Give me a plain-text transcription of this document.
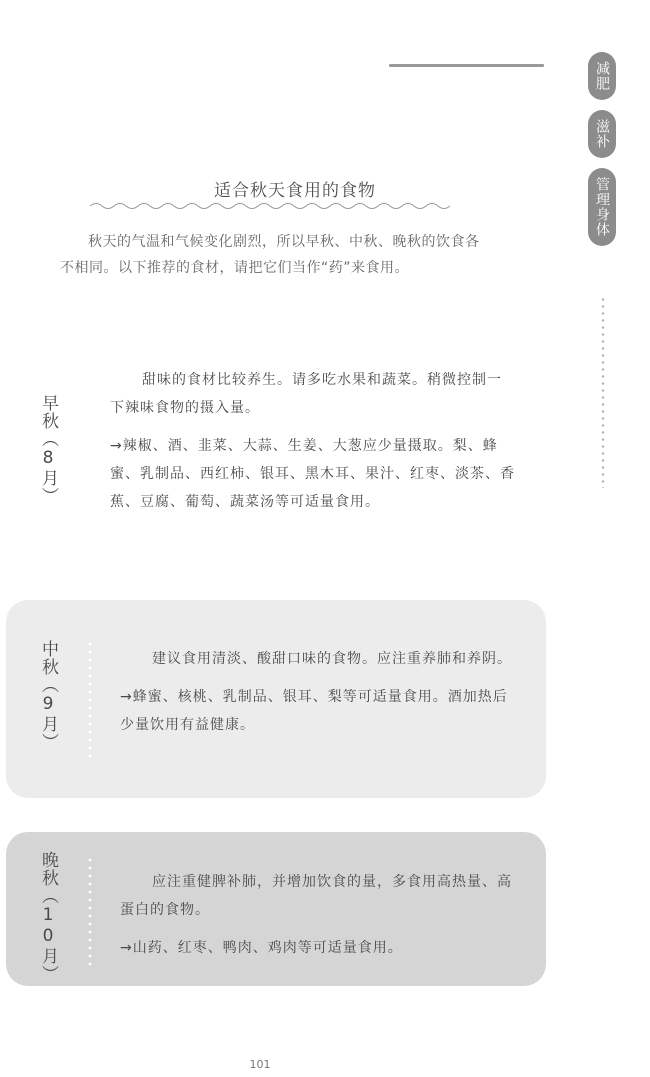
减肥
滋补
管理身体
适合秋天食用的食物

秋天的气温和气候变化剧烈，所以早秋、中秋、晚秋的饮食各不相同。以下推荐的食材，请把它们当作“药”来食用。

早秋（8月）

甜味的食材比较养生。请多吃水果和蔬菜。稍微控制一下辣味食物的摄入量。

→辣椒、酒、韭菜、大蒜、生姜、大葱应少量摄取。梨、蜂蜜、乳制品、西红柿、银耳、黑木耳、果汁、红枣、淡茶、香蕉、豆腐、葡萄、蔬菜汤等可适量食用。

中秋（9月）	建议食用清淡、酸甜口味的食物。应注重养肺和养阴。

→蜂蜜、核桃、乳制品、银耳、梨等可适量食用。酒加热后少量饮用有益健康。

晚秋（10月）	应注重健脾补肺，并增加饮食的量，多食用高热量、高蛋白的食物。

→山药、红枣、鸭肉、鸡肉等可适量食用。

101
